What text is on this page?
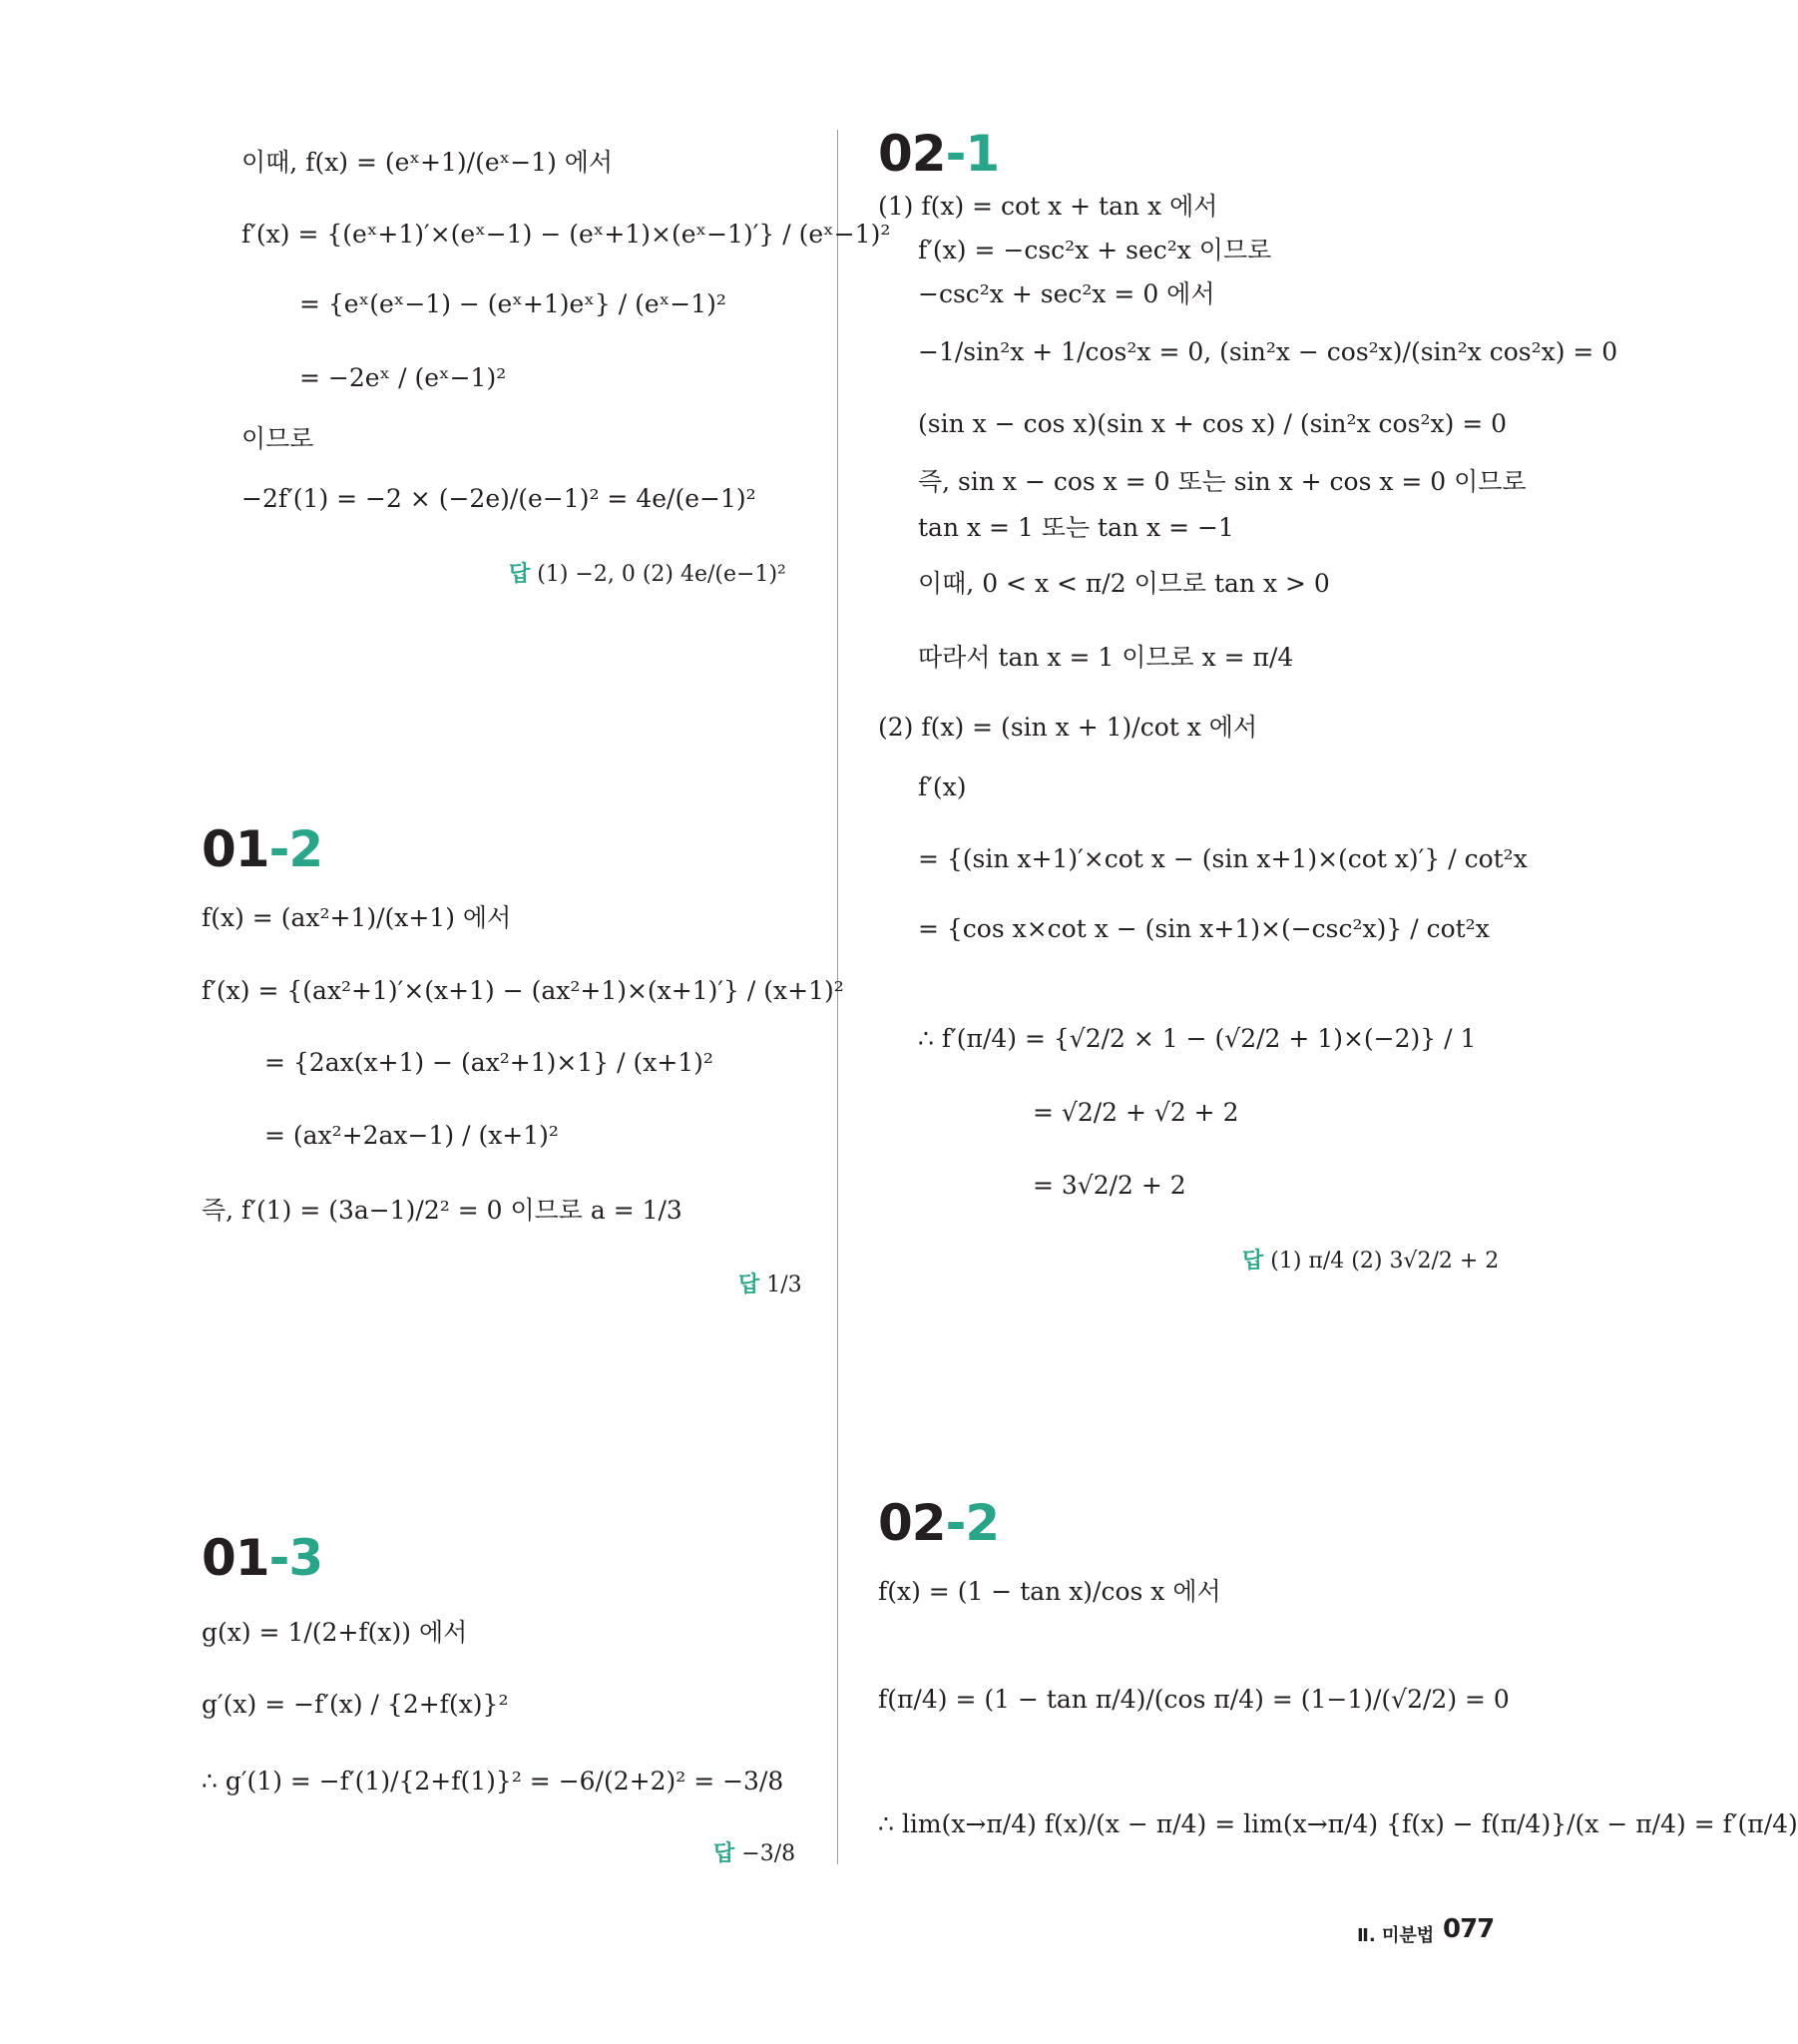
이때, f(x) = (eˣ+1)/(eˣ−1) 에서
f′(x) = {(eˣ+1)′×(eˣ−1) − (eˣ+1)×(eˣ−1)′} / (eˣ−1)²
= {eˣ(eˣ−1) − (eˣ+1)eˣ} / (eˣ−1)²
= −2eˣ / (eˣ−1)²
이므로
−2f′(1) = −2 × (−2e)/(e−1)² = 4e/(e−1)²
답 (1) −2, 0 (2) 4e/(e−1)²
01-2
f(x) = (ax²+1)/(x+1) 에서
f′(x) = {(ax²+1)′×(x+1) − (ax²+1)×(x+1)′} / (x+1)²
= {2ax(x+1) − (ax²+1)×1} / (x+1)²
= (ax²+2ax−1) / (x+1)²
즉, f′(1) = (3a−1)/2² = 0 이므로 a = 1/3
답 1/3
01-3
g(x) = 1/(2+f(x)) 에서
g′(x) = −f′(x) / {2+f(x)}²
∴ g′(1) = −f′(1)/{2+f(1)}² = −6/(2+2)² = −3/8
답 −3/8
02-1
(1) f(x) = cot x + tan x 에서
f′(x) = −csc²x + sec²x 이므로
−csc²x + sec²x = 0 에서
−1/sin²x + 1/cos²x = 0, (sin²x − cos²x)/(sin²x cos²x) = 0
(sin x − cos x)(sin x + cos x) / (sin²x cos²x) = 0
즉, sin x − cos x = 0 또는 sin x + cos x = 0 이므로
tan x = 1 또는 tan x = −1
이때, 0 < x < π/2 이므로 tan x > 0
따라서 tan x = 1 이므로 x = π/4
(2) f(x) = (sin x + 1)/cot x 에서
f′(x)
= {(sin x+1)′×cot x − (sin x+1)×(cot x)′} / cot²x
= {cos x×cot x − (sin x+1)×(−csc²x)} / cot²x
∴ f′(π/4) = {√2/2 × 1 − (√2/2 + 1)×(−2)} / 1
= √2/2 + √2 + 2
= 3√2/2 + 2
답 (1) π/4 (2) 3√2/2 + 2
02-2
f(x) = (1 − tan x)/cos x 에서
f(π/4) = (1 − tan π/4)/(cos π/4) = (1−1)/(√2/2) = 0
∴ lim(x→π/4) f(x)/(x − π/4) = lim(x→π/4) {f(x) − f(π/4)}/(x − π/4) = f′(π/4)
Ⅱ. 미분법 077
